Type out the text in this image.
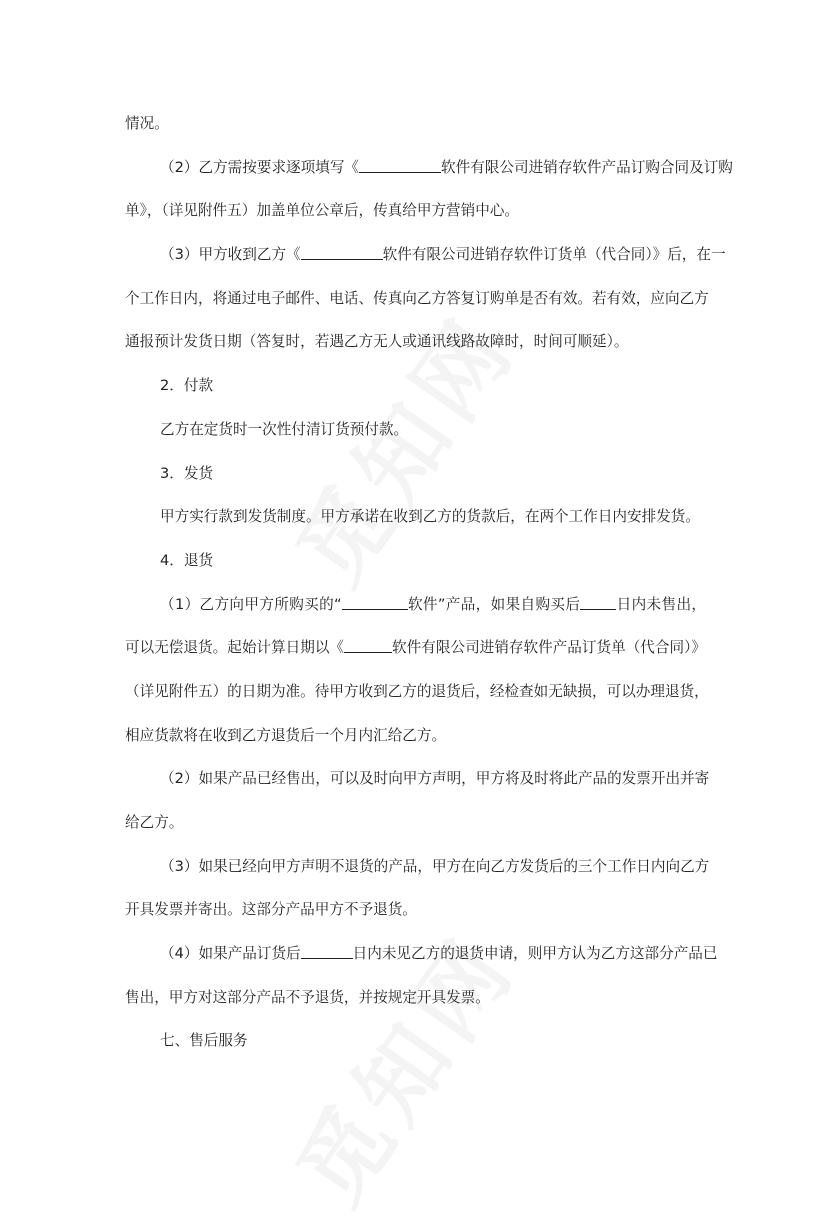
情况。
（2）乙方需按要求逐项填写《	软件有限公司进销存软件产品订购合同及订购
单》，（详见附件五）加盖单位公章后，传真给甲方营销中心。
（3）甲方收到乙方《	软件有限公司进销存软件订货单（代合同）》后，在一
个工作日内，将通过电子邮件、电话、传真向乙方答复订购单是否有效。若有效，应向乙方
通报预计发货日期（答复时，若遇乙方无人或通讯线路故障时，时间可顺延）。
2．付款
乙方在定货时一次性付清订货预付款。
3．发货
甲方实行款到发货制度。甲方承诺在收到乙方的货款后，在两个工作日内安排发货。
4．退货
（1）乙方向甲方所购买的“	软件”产品，如果自购买后 日内未售出，
可以无偿退货。起始计算日期以《	软件有限公司进销存软件产品订货单（代合同）》
（详见附件五）的日期为准。待甲方收到乙方的退货后，经检查如无缺损，可以办理退货，
相应货款将在收到乙方退货后一个月内汇给乙方。
（2）如果产品已经售出，可以及时向甲方声明，甲方将及时将此产品的发票开出并寄
给乙方。
（3）如果已经向甲方声明不退货的产品，甲方在向乙方发货后的三个工作日内向乙方
开具发票并寄出。这部分产品甲方不予退货。
（4）如果产品订货后	日内未见乙方的退货申请，则甲方认为乙方这部分产品已
售出，甲方对这部分产品不予退货，并按规定开具发票。
七、售后服务
